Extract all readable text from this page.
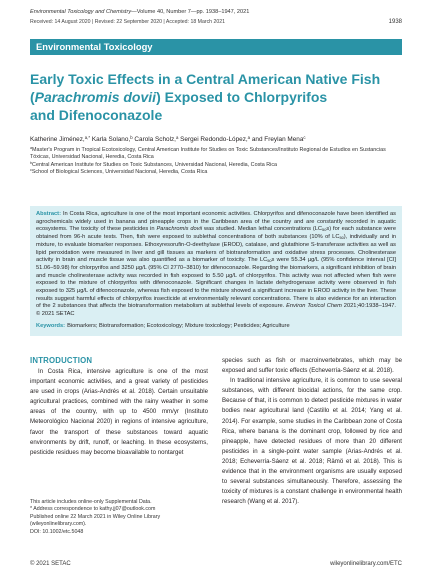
Environmental Toxicology and Chemistry—Volume 40, Number 7—pp. 1938–1947, 2021
Received: 14 August 2020 | Revised: 22 September 2020 | Accepted: 18 March 2021	1938
Environmental Toxicology
Early Toxic Effects in a Central American Native Fish
(Parachromis dovii) Exposed to Chlorpyrifos
and Difenoconazole
Katherine Jiménez,$^{a,*}$ Karla Solano,$^b$ Carola Scholz,$^a$ Sergei Redondo-López,$^a$ and Freylan Mena$^c$

$^a$Master's Program in Tropical Ecotoxicology, Central American Institute for Studies on Toxic Substances/Instituto Regional de Estudios en Sustancias Tóxicas, Universidad Nacional, Heredia, Costa Rica

$^b$Central American Institute for Studies on Toxic Substances, Universidad Nacional, Heredia, Costa Rica

$^c$School of Biological Sciences, Universidad Nacional, Heredia, Costa Rica

Abstract: In Costa Rica, agriculture is one of the most important economic activities. Chlorpyrifos and difenoconazole have been identified as agrochemicals widely used in banana and pineapple crops in the Caribbean area of the country and are constantly recorded in aquatic ecosystems. The toxicity of these pesticides in Parachromis dovii was studied. Median lethal concentrations $(LC_{50}s)$ for each substance were obtained from 96-h acute tests. Then, fish were exposed to sublethal concentrations of both substances (10% of $LC_{50}$), individually and in mixture, to evaluate biomarker responses. Ethoxyresorufin-O-deethylase (EROD), catalase, and glutathione S-transferase activities as well as lipid peroxidation were measured in liver and gill tissues as markers of biotransformation and oxidative stress processes. Cholinesterase activity in brain and muscle tissue was also quantified as a biomarker of toxicity. The $LC_{50}s$ were 55.34 µg/L (95% confidence interval [CI] 51.06–59.98) for chlorpyrifos and 3250 µg/L (95% CI 2770–3810) for difenoconazole. Regarding the biomarkers, a significant inhibition of brain and muscle cholinesterase activity was recorded in fish exposed to 5.50 µg/L of chlorpyrifos. This activity was not affected when fish were exposed to the mixture of chlorpyrifos with difenoconazole. Significant changes in lactate dehydrogenase activity were observed in fish exposed to 325 µg/L of difenoconazole, whereas fish exposed to the mixture showed a significant increase in EROD activity in the liver. These results suggest harmful effects of chlorpyrifos insecticide at environmentally relevant concentrations. There is also evidence for an interaction of the 2 substances that affects the biotransformation metabolism at sublethal levels of exposure. Environ Toxicol Chem 2021;40:1938–1947. © 2021 SETAC

Keywords: Biomarkers; Biotransformation; Ecotoxicology; Mixture toxicology; Pesticides; Agriculture

INTRODUCTION

In Costa Rica, intensive agriculture is one of the most important economic activities, and a great variety of pesticides are used in crops (Arias-Andrés et al. 2018). Certain unsuitable agricultural practices, combined with the rainy weather in some areas of the country, with up to 4500 mm/yr (Instituto Meteorológico Nacional 2020) in regions of intensive agriculture, favor the transport of these substances toward aquatic environments by drift, runoff, or leaching. In these ecosystems, pesticide residues may become bioavailable to nontarget

This article includes online-only Supplemental Data.

* Address correspondence to kathy.jj07@outlook.com

Published online 22 March 2021 in Wiley Online Library (wileyonlinelibrary.com).

DOI: 10.1002/etc.5048

species such as fish or macroinvertebrates, which may be exposed and suffer toxic effects (Echeverría-Sáenz et al. 2018).

In traditional intensive agriculture, it is common to use several substances, with different biocidal actions, for the same crop. Because of that, it is common to detect pesticide mixtures in water bodies near agricultural land (Castillo et al. 2014; Yang et al. 2014). For example, some studies in the Caribbean zone of Costa Rica, where banana is the dominant crop, followed by rice and pineapple, have detected residues of more than 20 different pesticides in a single-point water sample (Arias-Andrés et al. 2018; Echeverría-Sáenz et al. 2018; Rämö et al. 2018). This is evidence that in the environment organisms are usually exposed to several substances simultaneously. Therefore, assessing the toxicity of mixtures is a constant challenge in environmental health research (Wang et al. 2017).

© 2021 SETAC	wileyonlinelibrary.com/ETC
